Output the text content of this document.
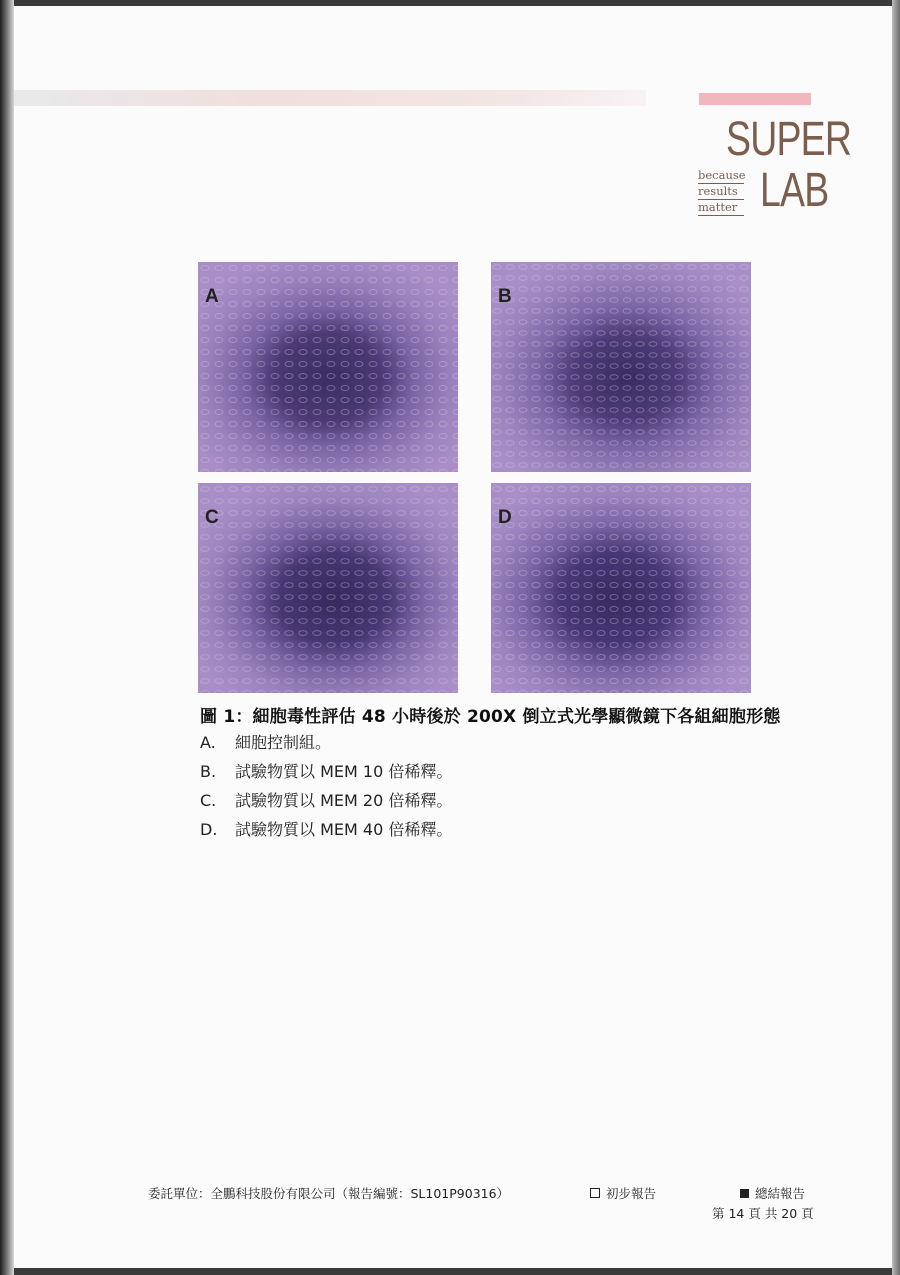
SUPER
LAB
because
results
matter
A	B
C	D
圖 1：細胞毒性評估 48 小時後於 200X 倒立式光學顯微鏡下各組細胞形態
A. 細胞控制組。
B. 試驗物質以 MEM 10 倍稀釋。
C. 試驗物質以 MEM 20 倍稀釋。
D. 試驗物質以 MEM 40 倍稀釋。
委託單位：全鵬科技股份有限公司（報告編號：SL101P90316）	初步報告	總結報告
第 14 頁 共 20 頁
